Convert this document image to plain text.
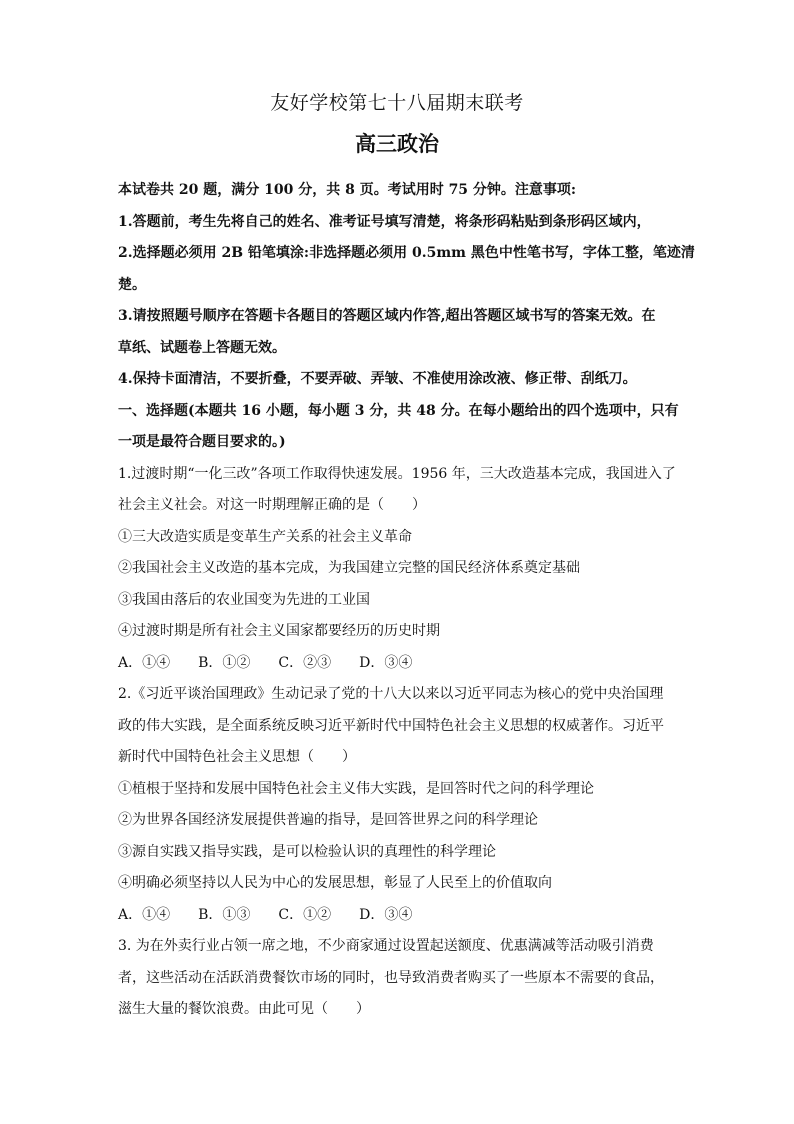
友好学校第七十八届期末联考
高三政治
本试卷共 20 题，满分 100 分，共 8 页。考试用时 75 分钟。注意事项:
1.答题前，考生先将自己的姓名、准考证号填写清楚，将条形码粘贴到条形码区域内，
2.选择题必须用 2B 铅笔填涂:非选择题必须用 0.5mm 黑色中性笔书写，字体工整，笔迹清
楚。
3.请按照题号顺序在答题卡各题目的答题区域内作答,超出答题区域书写的答案无效。在
草纸、试题卷上答题无效。
4.保持卡面清洁，不要折叠，不要弄破、弄皱、不准使用涂改液、修正带、刮纸刀。
一、选择题(本题共 16 小题，每小题 3 分，共 48 分。在每小题给出的四个选项中，只有
一项是最符合题目要求的。)
1.过渡时期“一化三改”各项工作取得快速发展。1956 年，三大改造基本完成，我国进入了
社会主义社会。对这一时期理解正确的是（　　）
①三大改造实质是变革生产关系的社会主义革命
②我国社会主义改造的基本完成，为我国建立完整的国民经济体系奠定基础
③我国由落后的农业国变为先进的工业国
④过渡时期是所有社会主义国家都要经历的历史时期
A．①④ B．①② C．②③ D．③④
2.《习近平谈治国理政》生动记录了党的十八大以来以习近平同志为核心的党中央治国理
政的伟大实践，是全面系统反映习近平新时代中国特色社会主义思想的权威著作。习近平
新时代中国特色社会主义思想（　　）
①植根于坚持和发展中国特色社会主义伟大实践，是回答时代之问的科学理论
②为世界各国经济发展提供普遍的指导，是回答世界之问的科学理论
③源自实践又指导实践，是可以检验认识的真理性的科学理论
④明确必须坚持以人民为中心的发展思想，彰显了人民至上的价值取向
A．①④ B．①③ C．①② D．③④
3. 为在外卖行业占领一席之地，不少商家通过设置起送额度、优惠满减等活动吸引消费
者，这些活动在活跃消费餐饮市场的同时，也导致消费者购买了一些原本不需要的食品，
滋生大量的餐饮浪费。由此可见（　　）
